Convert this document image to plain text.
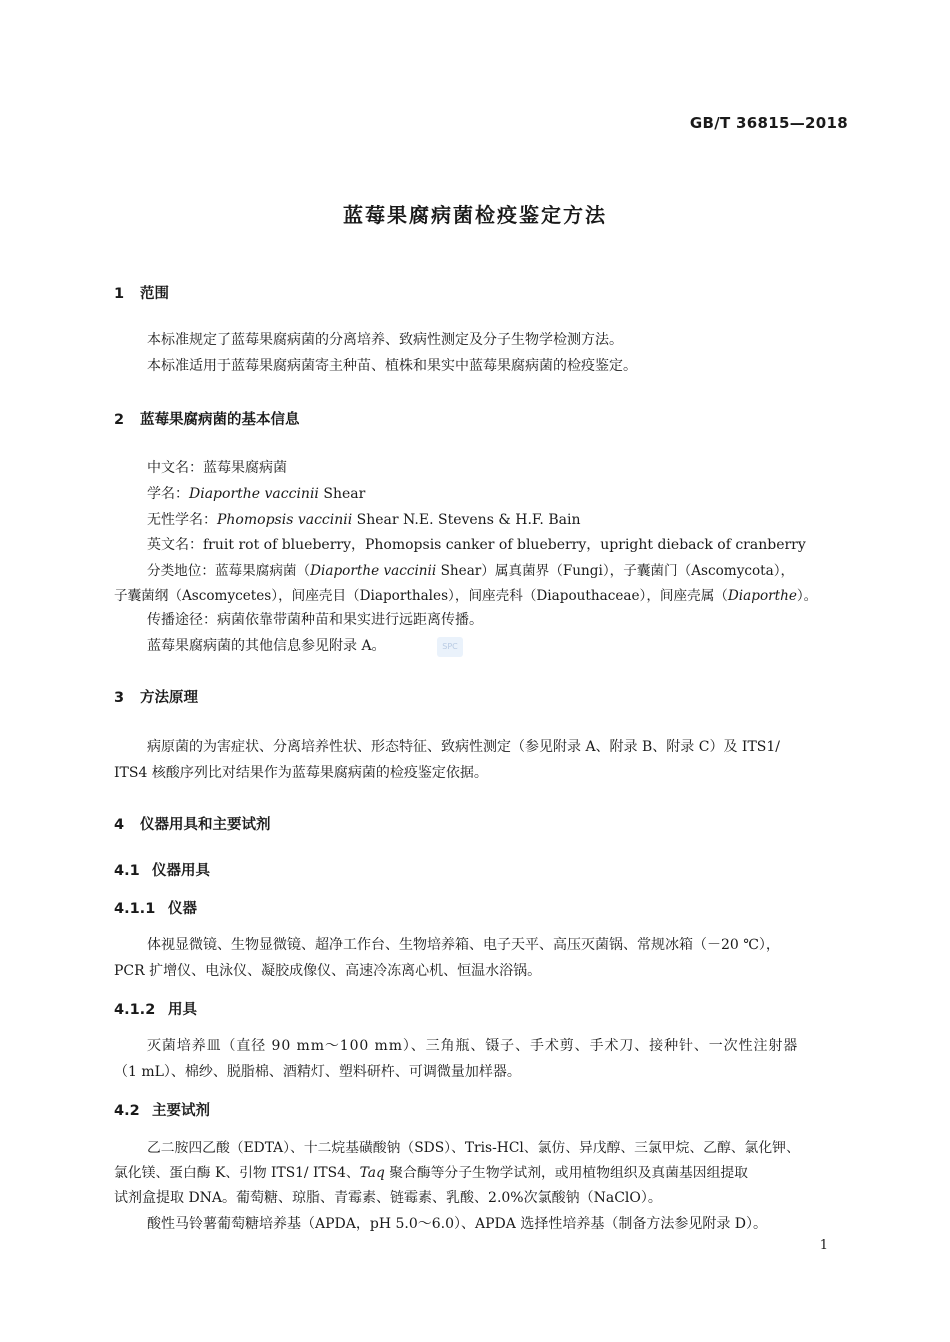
GB/T 36815—2018
蓝莓果腐病菌检疫鉴定方法
1 范围
本标准规定了蓝莓果腐病菌的分离培养、致病性测定及分子生物学检测方法。
本标准适用于蓝莓果腐病菌寄主种苗、植株和果实中蓝莓果腐病菌的检疫鉴定。
2 蓝莓果腐病菌的基本信息
中文名：蓝莓果腐病菌
学名：Diaporthe vaccinii Shear
无性学名：Phomopsis vaccinii Shear N.E. Stevens & H.F. Bain
英文名：fruit rot of blueberry，Phomopsis canker of blueberry，upright dieback of cranberry
分类地位：蓝莓果腐病菌（Diaporthe vaccinii Shear）属真菌界（Fungi），子囊菌门（Ascomycota），
子囊菌纲（Ascomycetes），间座壳目（Diaporthales），间座壳科（Diapouthaceae），间座壳属（Diaporthe）。
传播途径：病菌依靠带菌种苗和果实进行远距离传播。
蓝莓果腐病菌的其他信息参见附录 A。	SPC
3 方法原理
病原菌的为害症状、分离培养性状、形态特征、致病性测定（参见附录 A、附录 B、附录 C）及 ITS1/
ITS4 核酸序列比对结果作为蓝莓果腐病菌的检疫鉴定依据。
4 仪器用具和主要试剂
4.1 仪器用具
4.1.1 仪器
体视显微镜、生物显微镜、超净工作台、生物培养箱、电子天平、高压灭菌锅、常规冰箱（－20 ℃），
PCR 扩增仪、电泳仪、凝胶成像仪、高速冷冻离心机、恒温水浴锅。
4.1.2 用具
灭菌培养皿（直径 90 mm～100 mm）、三角瓶、镊子、手术剪、手术刀、接种针、一次性注射器
（1 mL）、棉纱、脱脂棉、酒精灯、塑料研杵、可调微量加样器。
4.2 主要试剂
乙二胺四乙酸（EDTA）、十二烷基磺酸钠（SDS）、Tris-HCl、氯仿、异戊醇、三氯甲烷、乙醇、氯化钾、
氯化镁、蛋白酶 K、引物 ITS1/ ITS4、Taq 聚合酶等分子生物学试剂，或用植物组织及真菌基因组提取
试剂盒提取 DNA。葡萄糖、琼脂、青霉素、链霉素、乳酸、2.0%次氯酸钠（NaClO）。
酸性马铃薯葡萄糖培养基（APDA，pH 5.0～6.0）、APDA 选择性培养基（制备方法参见附录 D）。
1
